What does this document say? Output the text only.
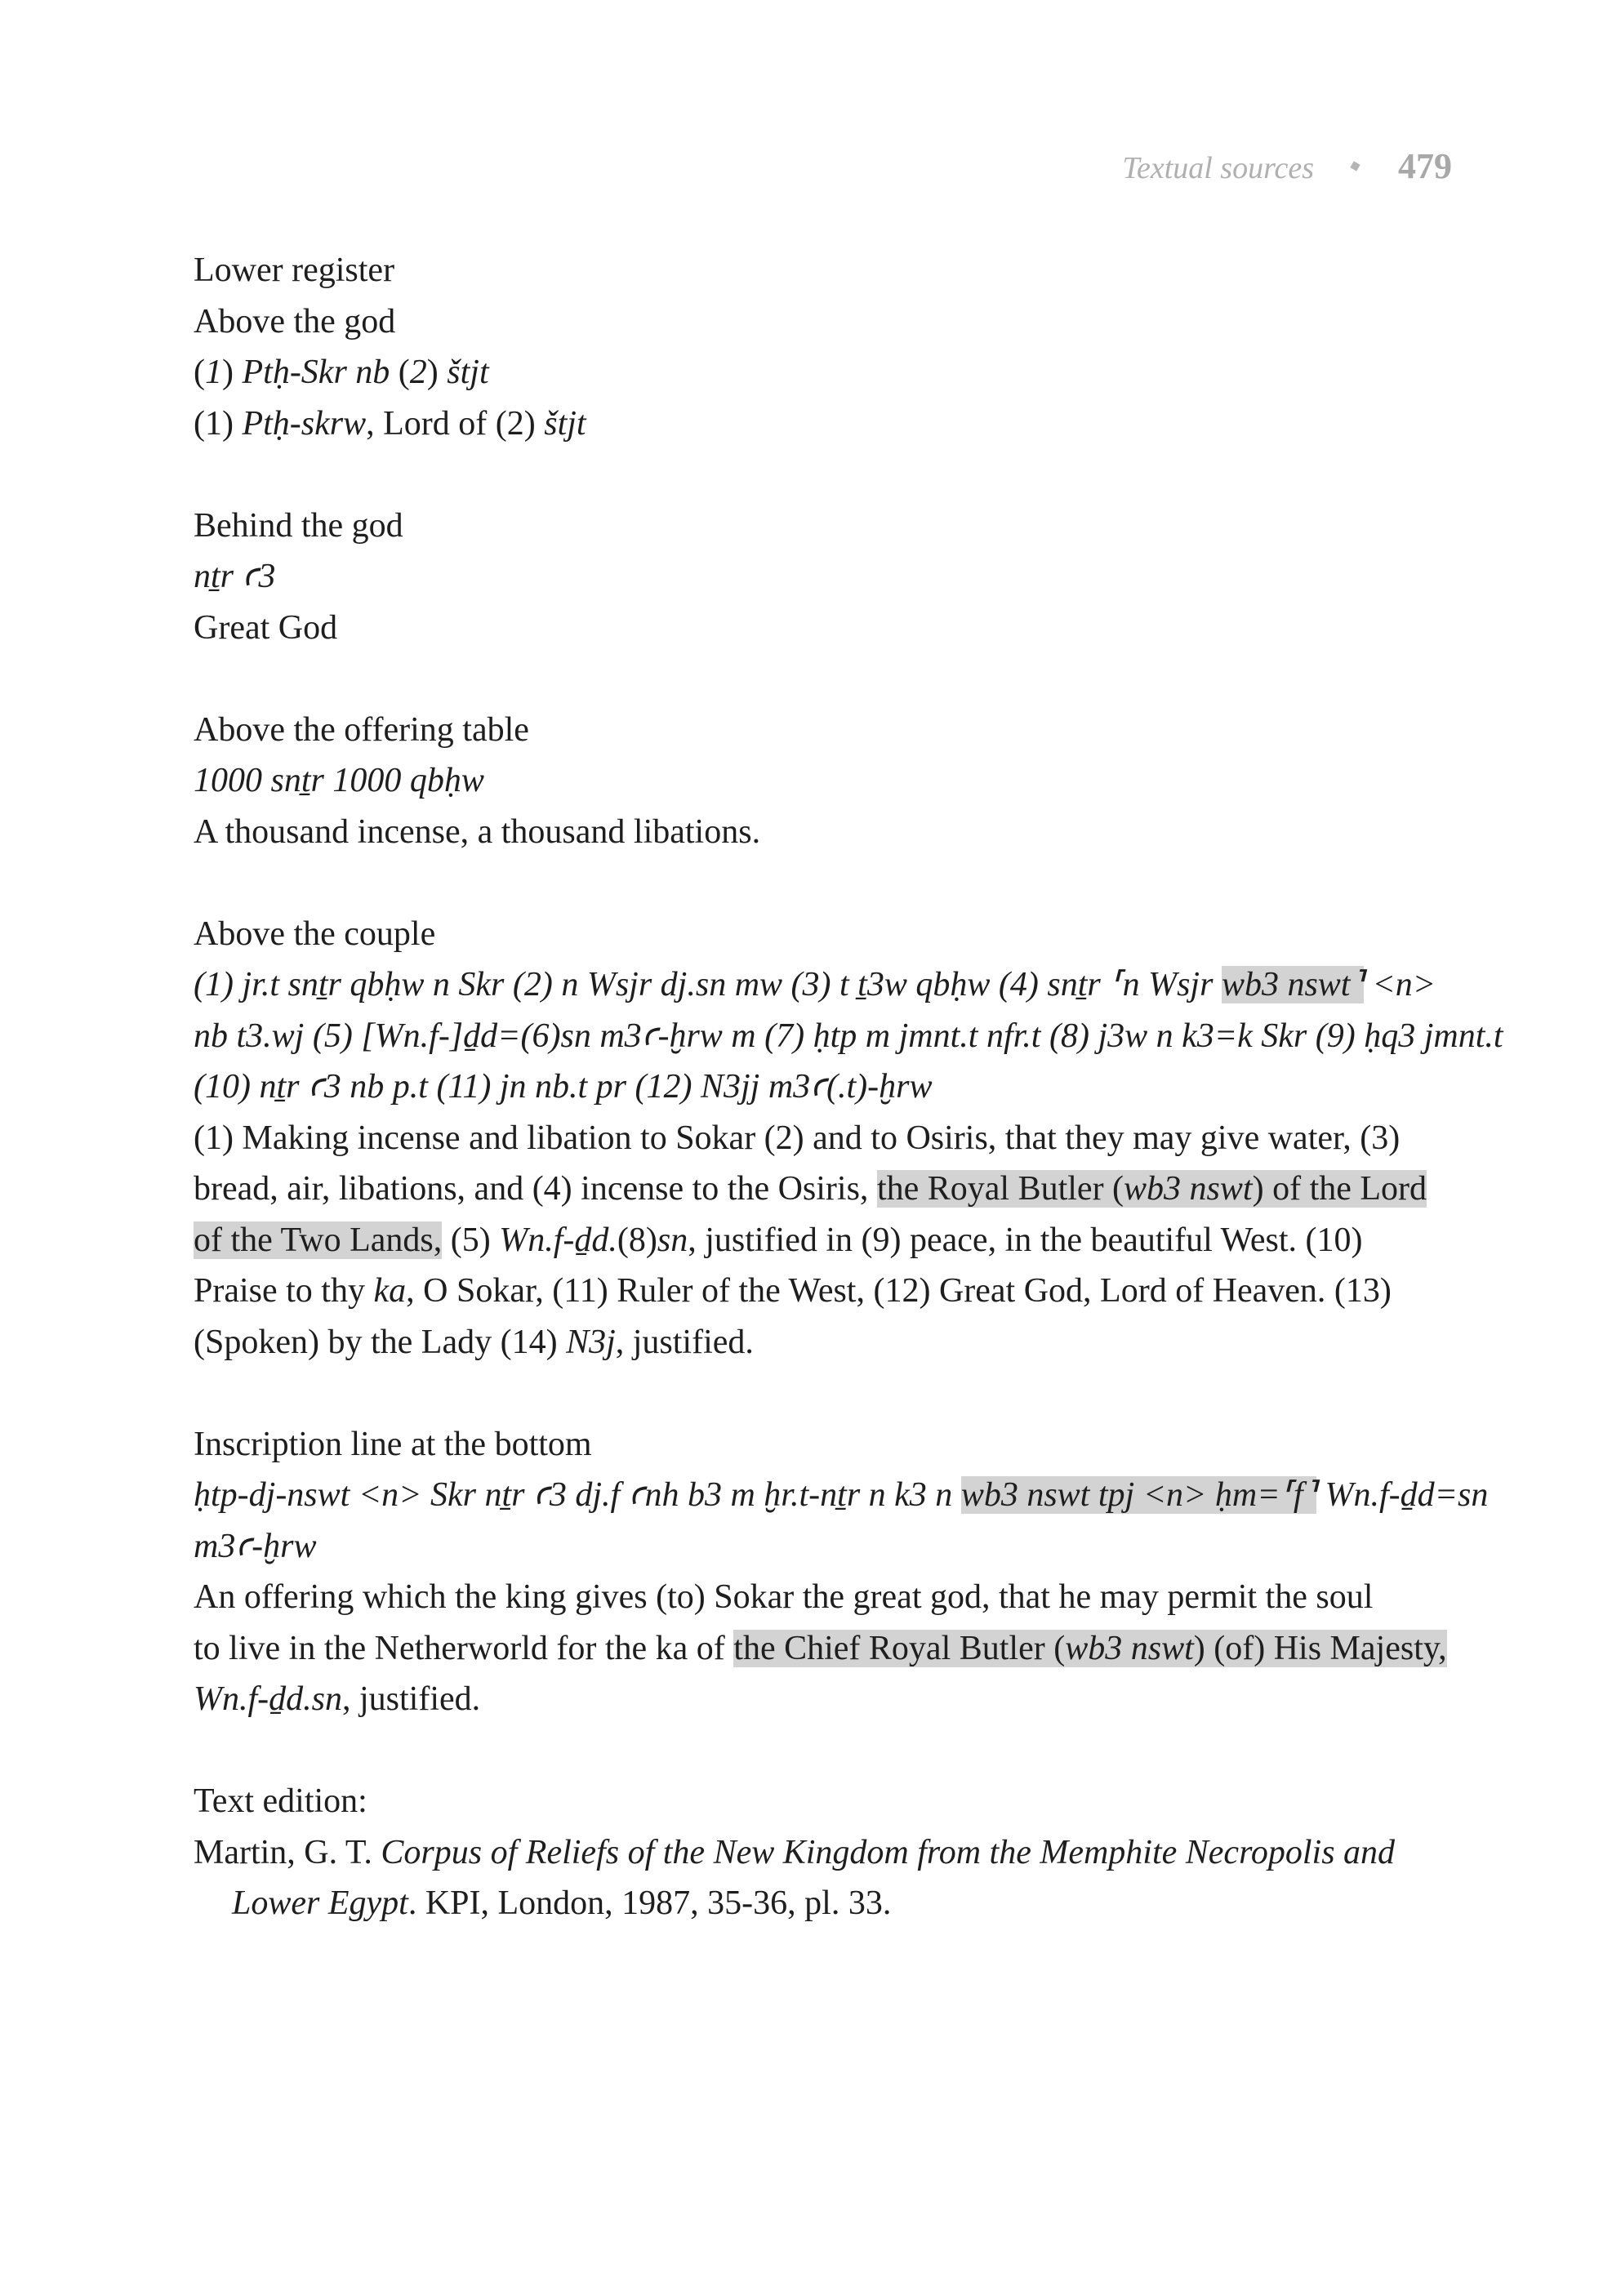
Textual sources 479
Lower register
Above the god
(1) Ptḥ-Skr nb (2) štjt
(1) Ptḥ-skrw, Lord of (2) štjt
Behind the god
nṯr ꜥ3
Great God
Above the offering table
1000 snṯr 1000 qbḥw
A thousand incense, a thousand libations.
Above the couple
(1) jr.t snṯr qbḥw n Skr (2) n Wsjr dj.sn mw (3) t ṯ3w qbḥw (4) snṯr ⸢n Wsjr wb3 nswt⸣ <n>
nb t3.wj (5) [Wn.f-]ḏd=(6)sn m3ꜥ-ḫrw m (7) ḥtp m jmnt.t nfr.t (8) j3w n k3=k Skr (9) ḥq3 jmnt.t
(10) nṯr ꜥ3 nb p.t (11) jn nb.t pr (12) N3jj m3ꜥ(.t)-ḫrw
(1) Making incense and libation to Sokar (2) and to Osiris, that they may give water, (3)
bread, air, libations, and (4) incense to the Osiris, the Royal Butler (wb3 nswt) of the Lord
of the Two Lands, (5) Wn.f-ḏd.(8)sn, justified in (9) peace, in the beautiful West. (10)
Praise to thy ka, O Sokar, (11) Ruler of the West, (12) Great God, Lord of Heaven. (13)
(Spoken) by the Lady (14) N3j, justified.
Inscription line at the bottom
ḥtp-dj-nswt <n> Skr nṯr ꜥ3 dj.f ꜥnh b3 m ḫr.t-nṯr n k3 n wb3 nswt tpj <n> ḥm=⸢f⸣ Wn.f-ḏd=sn
m3ꜥ-ḫrw
An offering which the king gives (to) Sokar the great god, that he may permit the soul
to live in the Netherworld for the ka of the Chief Royal Butler (wb3 nswt) (of) His Majesty,
Wn.f-ḏd.sn, justified.
Text edition:
Martin, G. T. Corpus of Reliefs of the New Kingdom from the Memphite Necropolis and Lower Egypt. KPI, London, 1987, 35-36, pl. 33.
